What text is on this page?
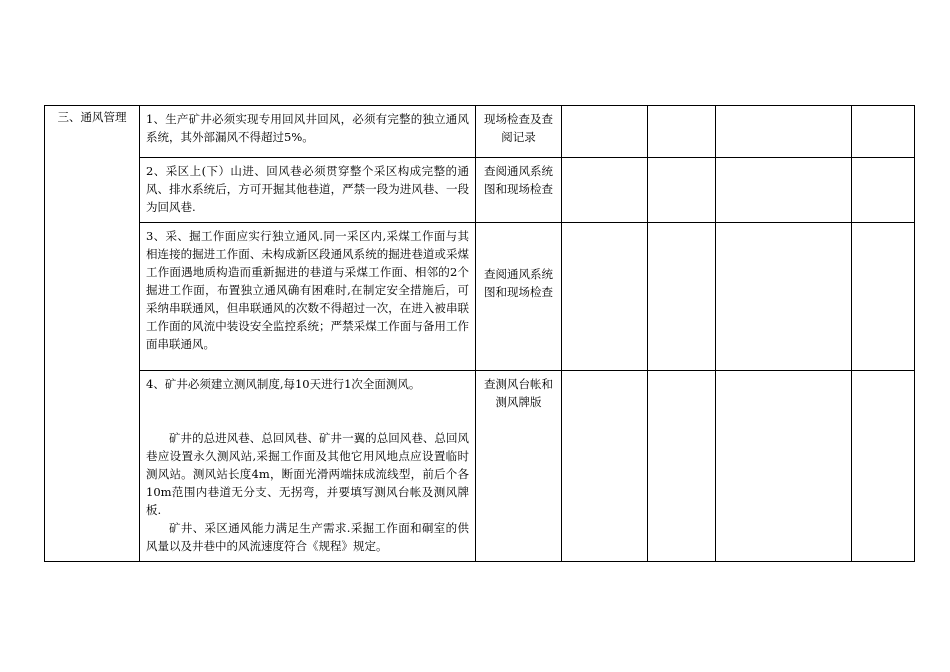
三、通风管理	1、生产矿井必须实现专用回风井回风，必须有完整的独立通风系统，其外部漏风不得超过5%。	现场检查及查阅记录				

	2、采区上(下）山进、回风巷必须贯穿整个采区构成完整的通风、排水系统后，方可开掘其他巷道，严禁一段为进风巷、一段为回风巷.	查阅通风系统图和现场检查				

	3、采、掘工作面应实行独立通风.同一采区内,采煤工作面与其相连接的掘进工作面、未构成新区段通风系统的掘进巷道或采煤工作面遇地质构造而重新掘进的巷道与采煤工作面、相邻的2个掘进工作面，布置独立通风确有困难时,在制定安全措施后，可采纳串联通风，但串联通风的次数不得超过一次，在进入被串联工作面的风流中装设安全监控系统；严禁采煤工作面与备用工作面串联通风。	查阅通风系统图和现场检查				

	4、矿井必须建立测风制度,每10天进行1次全面测风。

矿井的总进风巷、总回风巷、矿井一翼的总回风巷、总回风巷应设置永久测风站,采掘工作面及其他它用风地点应设置临时测风站。测风站长度4m，断面光滑两端抹成流线型，前后个各10m范围内巷道无分支、无拐弯，并要填写测风台帐及测风牌板.

矿井、采区通风能力满足生产需求.采掘工作面和硐室的供风量以及井巷中的风流速度符合《规程》规定。	查测风台帐和测风牌版				
